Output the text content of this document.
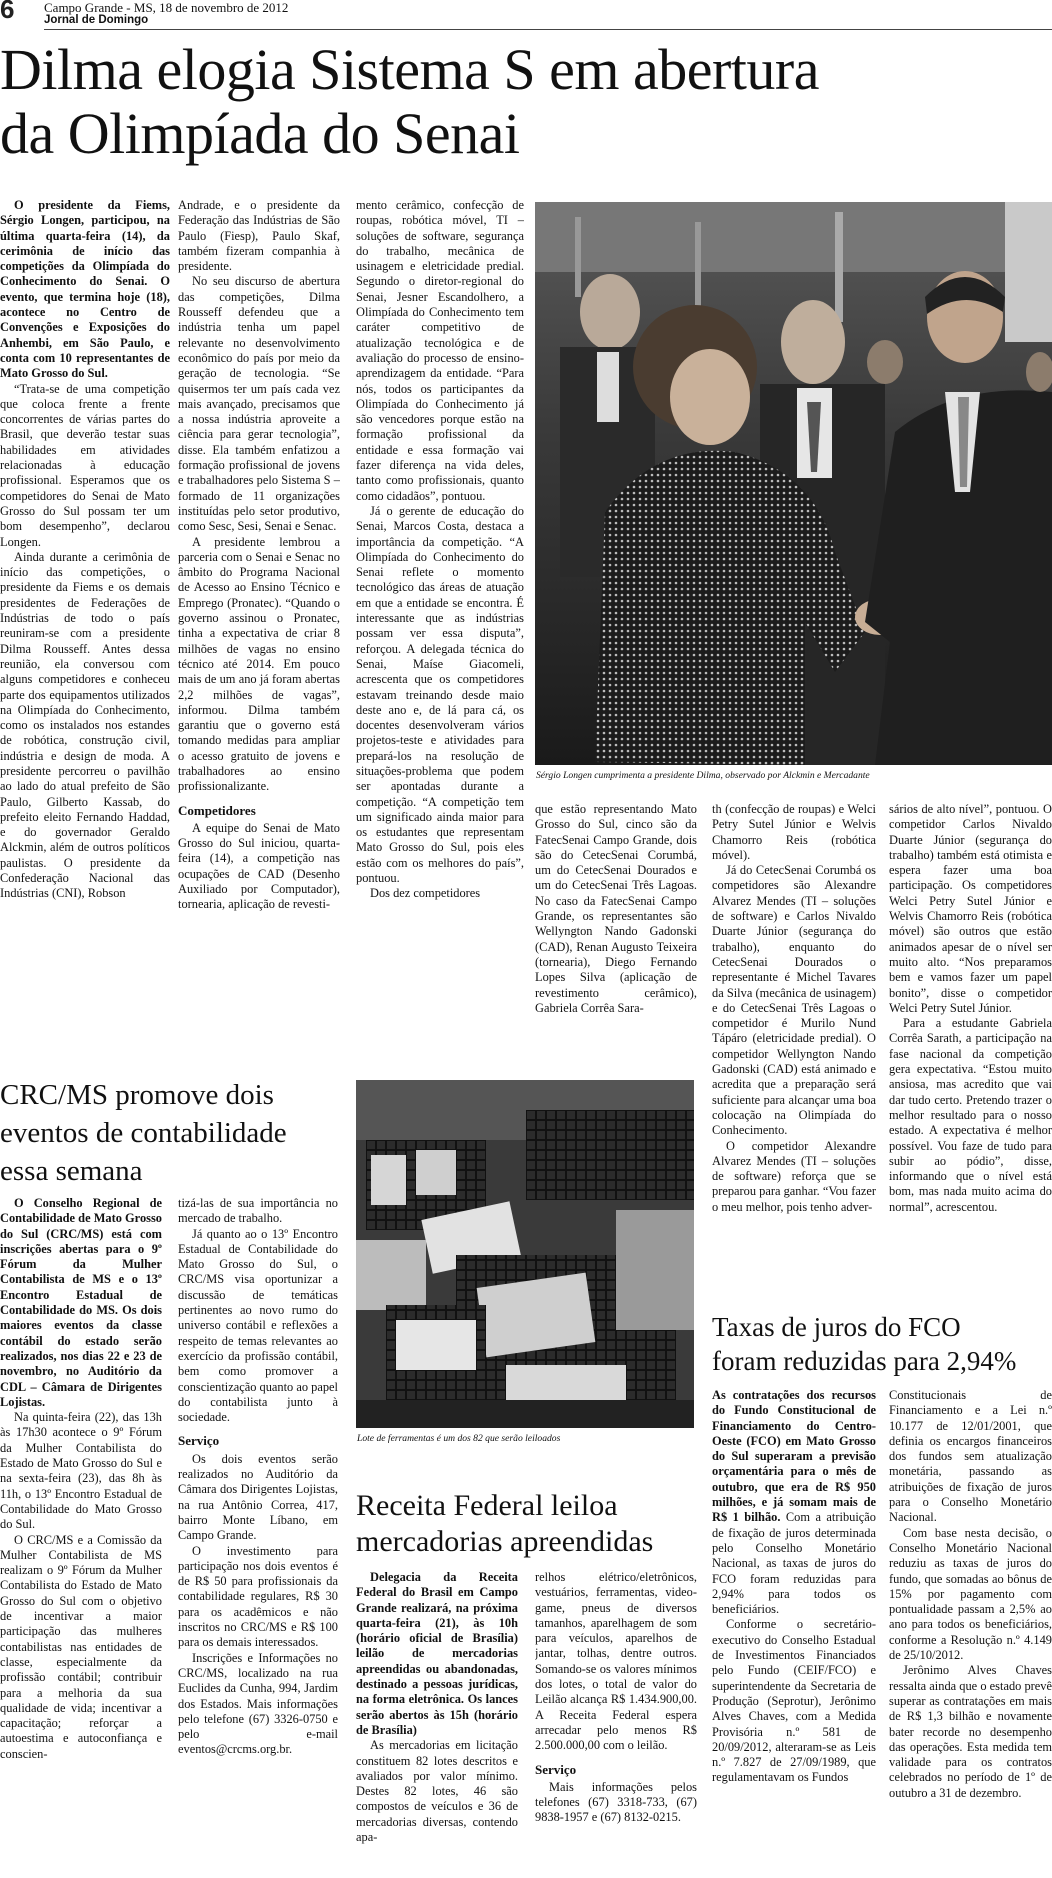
6 Campo Grande - MS, 18 de novembro de 2012
Jornal de Domingo
Dilma elogia Sistema S em abertura
da Olimpíada do Senai

O presidente da Fiems, Sérgio Longen, participou, na última quarta-feira (14), da cerimônia de início das competições da Olimpíada do Conhecimento do Senai. O evento, que termina hoje (18), acontece no Centro de Convenções e Exposições do Anhembi, em São Paulo, e conta com 10 representantes de Mato Grosso do Sul.

“Trata-se de uma competição que coloca frente a frente concorrentes de várias partes do Brasil, que deverão testar suas habilidades em atividades relacionadas à educação profissional. Esperamos que os competidores do Senai de Mato Grosso do Sul possam ter um bom desempenho”, declarou Longen.

Ainda durante a cerimônia de início das competições, o presidente da Fiems e os demais presidentes de Federações de Indústrias de todo o país reuniram-se com a presidente Dilma Rousseff. Antes dessa reunião, ela conversou com alguns competidores e conheceu parte dos equipamentos utilizados na Olimpíada do Conhecimento, como os instalados nos estandes de robótica, construção civil, indústria e design de moda. A presidente percorreu o pavilhão ao lado do atual prefeito de São Paulo, Gilberto Kassab, do prefeito eleito Fernando Haddad, e do governador Geraldo Alckmin, além de outros políticos paulistas. O presidente da Confederação Nacional das Indústrias (CNI), Robson

Andrade, e o presidente da Federação das Indústrias de São Paulo (Fiesp), Paulo Skaf, também fizeram companhia à presidente.

No seu discurso de abertura das competições, Dilma Rousseff defendeu que a indústria tenha um papel relevante no desenvolvimento econômico do país por meio da geração de tecnologia. “Se quisermos ter um país cada vez mais avançado, precisamos que a nossa indústria aproveite a ciência para gerar tecnologia”, disse. Ela também enfatizou a formação profissional de jovens e trabalhadores pelo Sistema S – formado de 11 organizações instituídas pelo setor produtivo, como Sesc, Sesi, Senai e Senac.

A presidente lembrou a parceria com o Senai e Senac no âmbito do Programa Nacional de Acesso ao Ensino Técnico e Emprego (Pronatec). “Quando o governo assinou o Pronatec, tinha a expectativa de criar 8 milhões de vagas no ensino técnico até 2014. Em pouco mais de um ano já foram abertas 2,2 milhões de vagas”, informou. Dilma também garantiu que o governo está tomando medidas para ampliar o acesso gratuito de jovens e trabalhadores ao ensino profissionalizante.

Competidores

A equipe do Senai de Mato Grosso do Sul iniciou, quarta-feira (14), a competição nas ocupações de CAD (Desenho Auxiliado por Computador), tornearia, aplicação de revesti-

mento cerâmico, confecção de roupas, robótica móvel, TI – soluções de software, segurança do trabalho, mecânica de usinagem e eletricidade predial. Segundo o diretor-regional do Senai, Jesner Escandolhero, a Olimpíada do Conhecimento tem caráter competitivo de atualização tecnológica e de avaliação do processo de ensino-aprendizagem da entidade. “Para nós, todos os participantes da Olimpíada do Conhecimento já são vencedores porque estão na formação profissional da entidade e essa formação vai fazer diferença na vida deles, tanto como profissionais, quanto como cidadãos”, pontuou.

Já o gerente de educação do Senai, Marcos Costa, destaca a importância da competição. “A Olimpíada do Conhecimento do Senai reflete o momento tecnológico das áreas de atuação em que a entidade se encontra. É interessante que as indústrias possam ver essa disputa”, reforçou. A delegada técnica do Senai, Maíse Giacomeli, acrescenta que os competidores estavam treinando desde maio deste ano e, de lá para cá, os docentes desenvolveram vários projetos-teste e atividades para prepará-los na resolução de situações-problema que podem ser apontadas durante a competição. “A competição tem um significado ainda maior para os estudantes que representam Mato Grosso do Sul, pois eles estão com os melhores do país”, pontuou.

Dos dez competidores

Sérgio Longen cumprimenta a presidente Dilma, observado por Alckmin e Mercadante

que estão representando Mato Grosso do Sul, cinco são da FatecSenai Campo Grande, dois são do CetecSenai Corumbá, um do CetecSenai Dourados e um do CetecSenai Três Lagoas. No caso da FatecSenai Campo Grande, os representantes são Wellyngton Nando Gadonski (CAD), Renan Augusto Teixeira (tornearia), Diego Fernando Lopes Silva (aplicação de revestimento cerâmico), Gabriela Corrêa Sara-

th (confecção de roupas) e Welci Petry Sutel Júnior e Welvis Chamorro Reis (robótica móvel).

Já do CetecSenai Corumbá os competidores são Alexandre Alvarez Mendes (TI – soluções de software) e Carlos Nivaldo Duarte Júnior (segurança do trabalho), enquanto do CetecSenai Dourados o representante é Michel Tavares da Silva (mecânica de usinagem) e do CetecSenai Três Lagoas o competidor é Murilo Nund Tápáro (eletricidade predial). O competidor Wellyngton Nando Gadonski (CAD) está animado e acredita que a preparação será suficiente para alcançar uma boa colocação na Olimpíada do Conhecimento.

O competidor Alexandre Alvarez Mendes (TI – soluções de software) reforça que se preparou para ganhar. “Vou fazer o meu melhor, pois tenho adver-

sários de alto nível”, pontuou. O competidor Carlos Nivaldo Duarte Júnior (segurança do trabalho) também está otimista e espera fazer uma boa participação. Os competidores Welci Petry Sutel Júnior e Welvis Chamorro Reis (robótica móvel) são outros que estão animados apesar de o nível ser muito alto. “Nos preparamos bem e vamos fazer um papel bonito”, disse o competidor Welci Petry Sutel Júnior.

Para a estudante Gabriela Corrêa Sarath, a participação na fase nacional da competição gera expectativa. “Estou muito ansiosa, mas acredito que vai dar tudo certo. Pretendo trazer o melhor resultado para o nosso estado. A expectativa é melhor possível. Vou faze de tudo para subir ao pódio”, disse, informando que o nível está bom, mas nada muito acima do normal”, acrescentou.

CRC/MS promove dois
eventos de contabilidade
essa semana

O Conselho Regional de Contabilidade de Mato Grosso do Sul (CRC/MS) está com inscrições abertas para o 9º Fórum da Mulher Contabilista de MS e o 13º Encontro Estadual de Contabilidade do MS. Os dois maiores eventos da classe contábil do estado serão realizados, nos dias 22 e 23 de novembro, no Auditório da CDL – Câmara de Dirigentes Lojistas.

Na quinta-feira (22), das 13h às 17h30 acontece o 9º Fórum da Mulher Contabilista do Estado de Mato Grosso do Sul e na sexta-feira (23), das 8h às 11h, o 13º Encontro Estadual de Contabilidade do Mato Grosso do Sul.

O CRC/MS e a Comissão da Mulher Contabilista de MS realizam o 9º Fórum da Mulher Contabilista do Estado de Mato Grosso do Sul com o objetivo de incentivar a maior participação das mulheres contabilistas nas entidades de classe, especialmente da profissão contábil; contribuir para a melhoria da sua qualidade de vida; incentivar a capacitação; reforçar a autoestima e autoconfiança e conscien-

tizá-las de sua importância no mercado de trabalho.

Já quanto ao o 13º Encontro Estadual de Contabilidade do Mato Grosso do Sul, o CRC/MS visa oportunizar a discussão de temáticas pertinentes ao novo rumo do universo contábil e reflexões a respeito de temas relevantes ao exercício da profissão contábil, bem como promover a conscientização quanto ao papel do contabilista junto à sociedade.

Serviço

Os dois eventos serão realizados no Auditório da Câmara dos Dirigentes Lojistas, na rua Antônio Correa, 417, bairro Monte Líbano, em Campo Grande.

O investimento para participação nos dois eventos é de R$ 50 para profissionais da contabilidade regulares, R$ 30 para os acadêmicos e não inscritos no CRC/MS e R$ 100 para os demais interessados.

Inscrições e Informações no CRC/MS, localizado na rua Euclides da Cunha, 994, Jardim dos Estados. Mais informações pelo telefone (67) 3326-0750 e pelo e-mail eventos@crcms.org.br.

Lote de ferramentas é um dos 82 que serão leiloados
Receita Federal leiloa
mercadorias apreendidas

Delegacia da Receita Federal do Brasil em Campo Grande realizará, na próxima quarta-feira (21), às 10h (horário oficial de Brasília) leilão de mercadorias apreendidas ou abandonadas, destinado a pessoas jurídicas, na forma eletrônica. Os lances serão abertos às 15h (horário de Brasília)

As mercadorias em licitação constituem 82 lotes descritos e avaliados por valor mínimo. Destes 82 lotes, 46 são compostos de veículos e 36 de mercadorias diversas, contendo apa-

relhos elétrico/eletrônicos, vestuários, ferramentas, video-game, pneus de diversos tamanhos, aparelhagem de som para veículos, aparelhos de jantar, tolhas, dentre outros. Somando-se os valores mínimos dos lotes, o total de valor do Leilão alcança R$ 1.434.900,00. A Receita Federal espera arrecadar pelo menos R$ 2.500.000,00 com o leilão.

Serviço

Mais informações pelos telefones (67) 3318-733, (67) 9838-1957 e (67) 8132-0215.

Taxas de juros do FCO
foram reduzidas para 2,94%

As contratações dos recursos do Fundo Constitucional de Financiamento do Centro-Oeste (FCO) em Mato Grosso do Sul superaram a previsão orçamentária para o mês de outubro, que era de R$ 950 milhões, e já somam mais de R$ 1 bilhão. Com a atribuição de fixação de juros determinada pelo Conselho Monetário Nacional, as taxas de juros do FCO foram reduzidas para 2,94% para todos os beneficiários.

Conforme o secretário-executivo do Conselho Estadual de Investimentos Financiados pelo Fundo (CEIF/FCO) e superintendente da Secretaria de Produção (Seprotur), Jerônimo Alves Chaves, com a Medida Provisória n.º 581 de 20/09/2012, alteraram-se as Leis n.º 7.827 de 27/09/1989, que regulamentavam os Fundos

Constitucionais de Financiamento e a Lei n.º 10.177 de 12/01/2001, que definia os encargos financeiros dos fundos sem atualização monetária, passando as atribuições de fixação de juros para o Conselho Monetário Nacional.

Com base nesta decisão, o Conselho Monetário Nacional reduziu as taxas de juros do fundo, que somadas ao bônus de 15% por pagamento com pontualidade passam a 2,5% ao ano para todos os beneficiários, conforme a Resolução n.º 4.149 de 25/10/2012.

Jerônimo Alves Chaves ressalta ainda que o estado prevê superar as contratações em mais de R$ 1,3 bilhão e novamente bater recorde no desempenho das operações. Esta medida tem validade para os contratos celebrados no período de 1º de outubro a 31 de dezembro.
